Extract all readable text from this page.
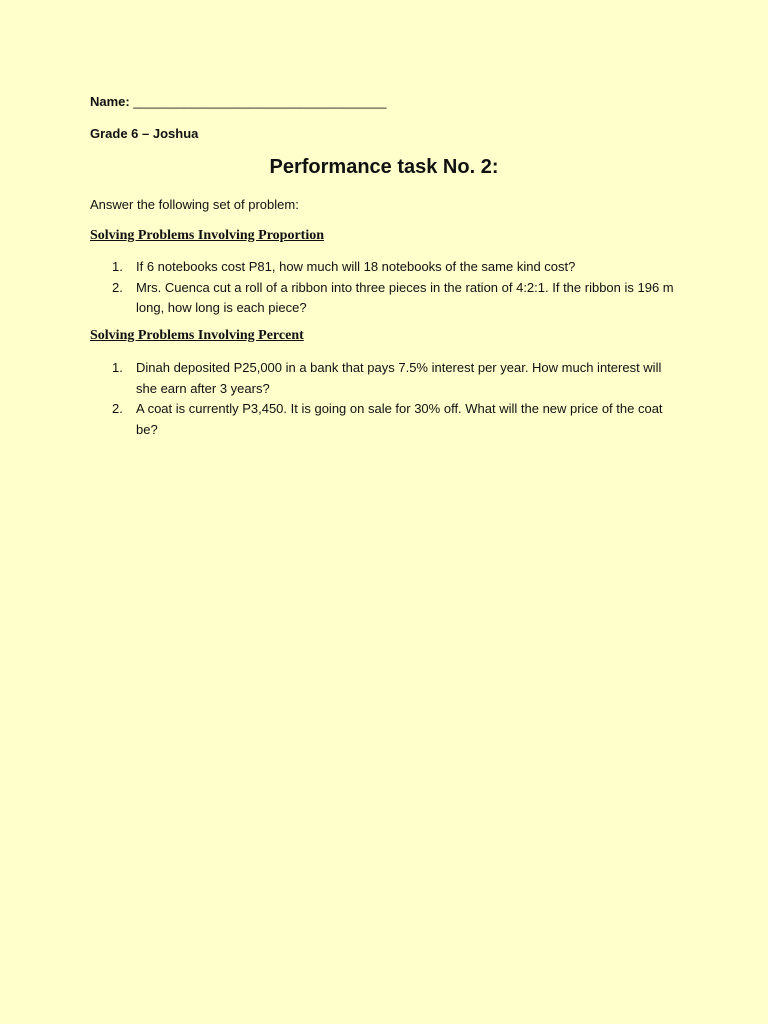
Name: ___________________________________
Grade 6 – Joshua
Performance task No. 2:
Answer the following set of problem:
Solving Problems Involving Proportion
1. If 6 notebooks cost P81, how much will 18 notebooks of the same kind cost?
2. Mrs. Cuenca cut a roll of a ribbon into three pieces in the ration of 4:2:1. If the ribbon is 196 m long, how long is each piece?
Solving Problems Involving Percent
1. Dinah deposited P25,000 in a bank that pays 7.5% interest per year. How much interest will she earn after 3 years?
2. A coat is currently P3,450. It is going on sale for 30% off. What will the new price of the coat be?
